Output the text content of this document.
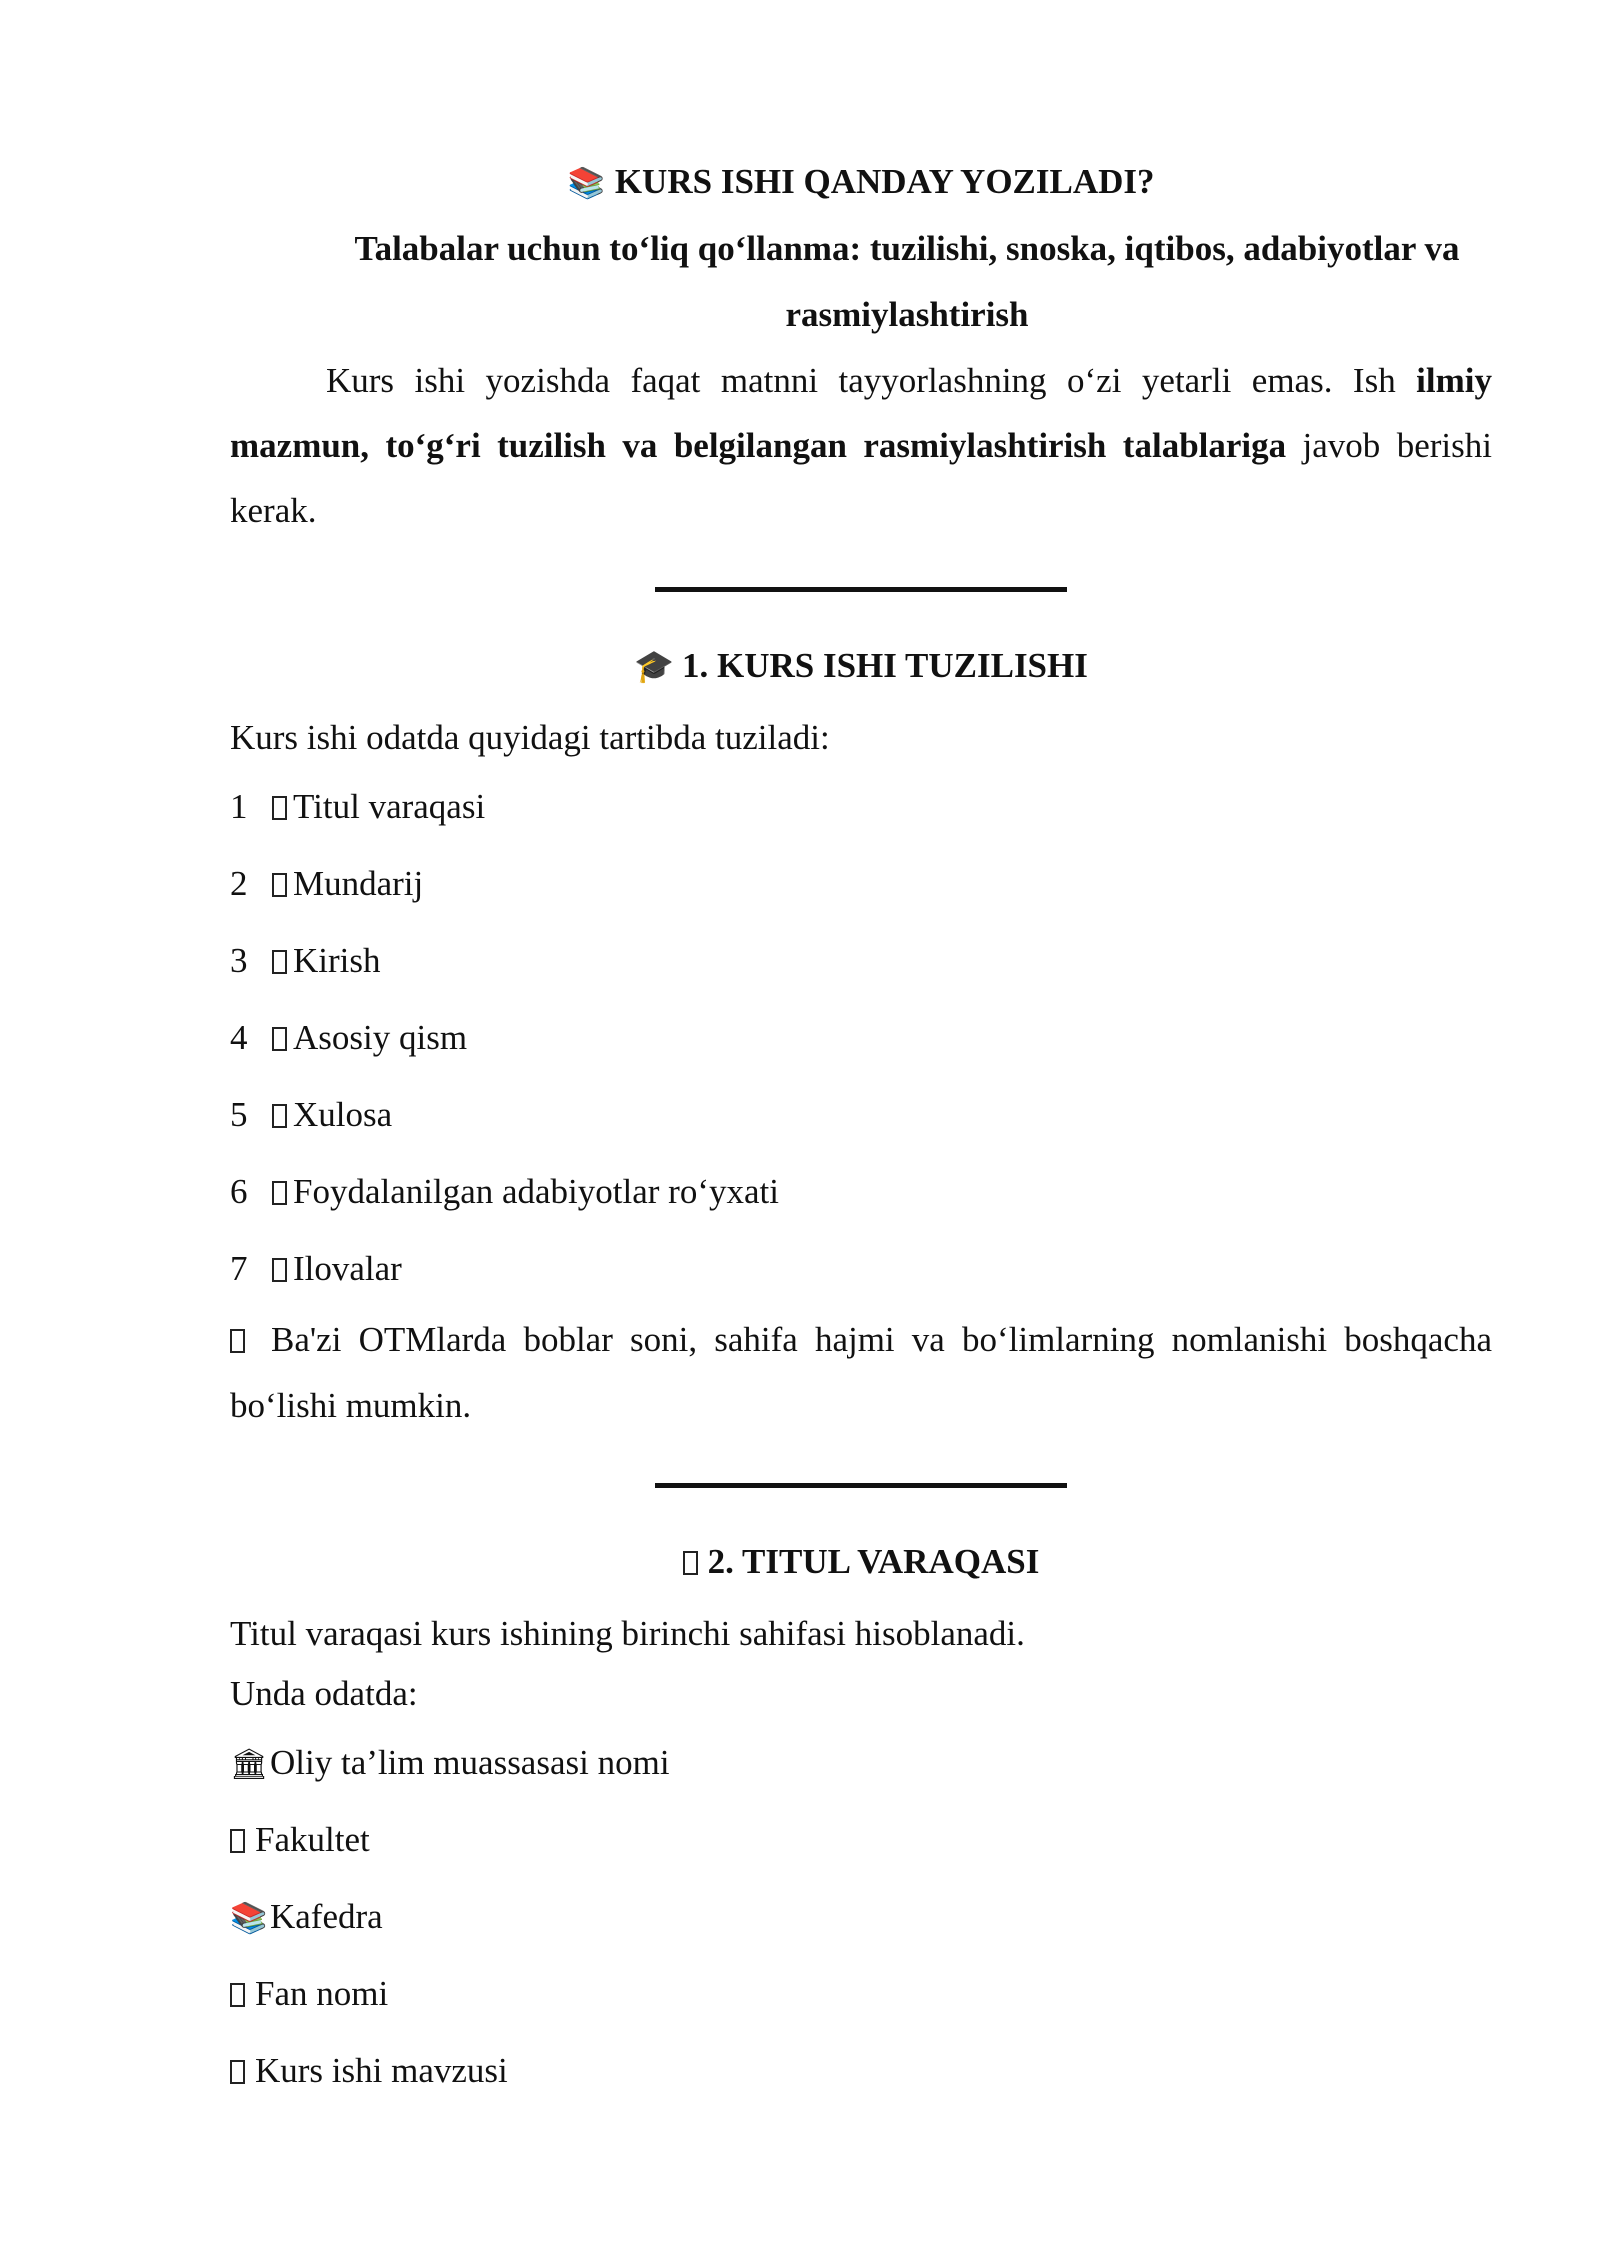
📚 KURS ISHI QANDAY YOZILADI?

Talabalar uchun to‘liq qo‘llanma: tuzilishi, snoska, iqtibos, adabiyotlar va rasmiylashtirish

Kurs ishi yozishda faqat matnni tayyorlashning o‘zi yetarli emas. Ish ilmiy mazmun, to‘g‘ri tuzilish va belgilangan rasmiylashtirish talablariga javob berishi kerak.

🎓 1. KURS ISHI TUZILISHI

Kurs ishi odatda quyidagi tartibda tuziladi:

1 Titul varaqasi
2 Mundarij
3 Kirish
4 Asosiy qism
5 Xulosa
6 Foydalanilgan adabiyotlar ro‘yxati
7 Ilovalar

Ba'zi OTMlarda boblar soni, sahifa hajmi va bo‘limlarning nomlanishi boshqacha bo‘lishi mumkin.

2. TITUL VARAQASI

Titul varaqasi kurs ishining birinchi sahifasi hisoblanadi.

Unda odatda:

🏛Oliy ta’lim muassasasi nomi
Fakultet
📚Kafedra
Fan nomi
Kurs ishi mavzusi
